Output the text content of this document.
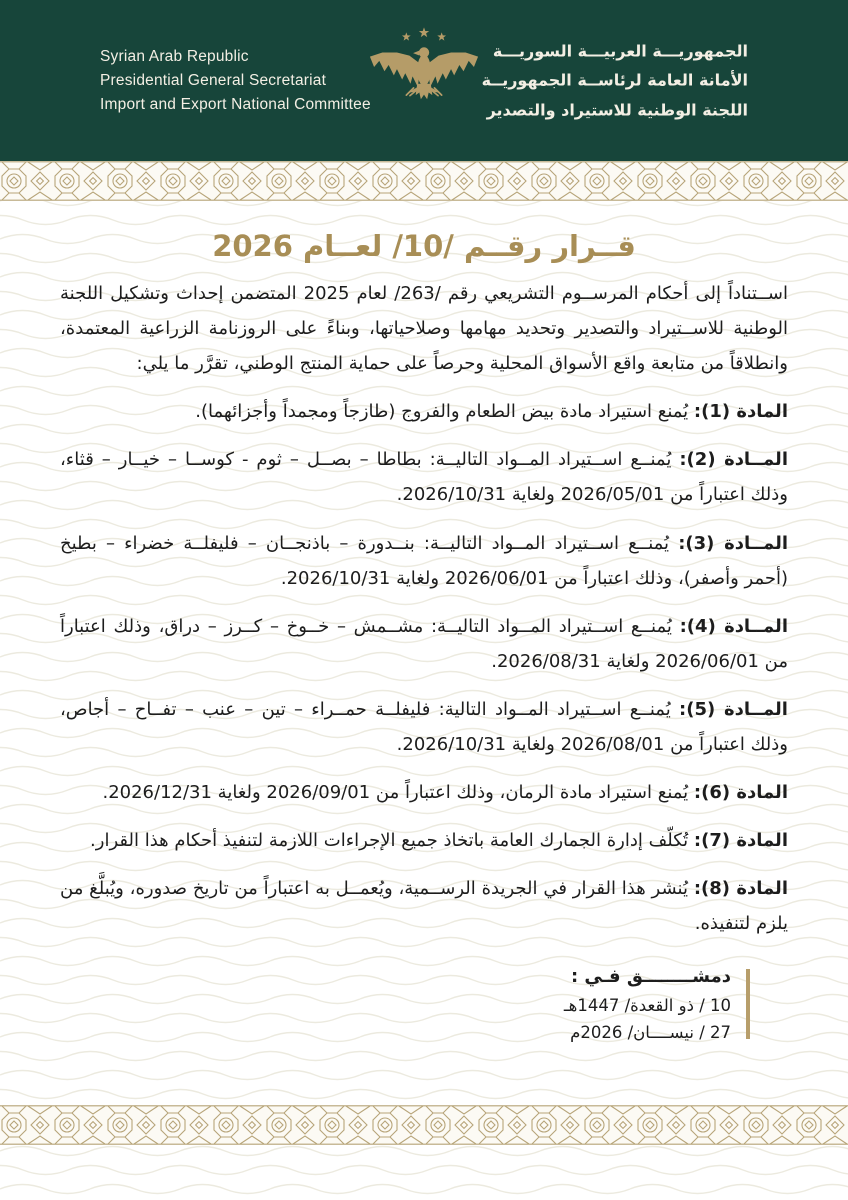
Syrian Arab Republic
Presidential General Secretariat
Import and Export National Committee
الجمهوريـــة العربيـــة السوريـــة
الأمانة العامة لرئاســة الجمهوريــة
اللجنة الوطنية للاستيراد والتصدير
قــرار رقــم /10/ لعــام 2026

اســتناداً إلى أحكام المرســوم التشريعي رقم /263/ لعام 2025 المتضمن إحداث وتشكيل اللجنة الوطنية للاســتيراد والتصدير وتحديد مهامها وصلاحياتها، وبناءً على الروزنامة الزراعية المعتمدة، وانطلاقاً من متابعة واقع الأسواق المحلية وحرصاً على حماية المنتج الوطني، تقرَّر ما يلي:

المادة (1): يُمنع استيراد مادة بيض الطعام والفروج (طازجاً ومجمداً وأجزائهما).

المــادة (2): يُمنــع اســتيراد المــواد التاليــة: بطاطا – بصــل – ثوم - كوســا – خيــار – قثاء، وذلك اعتباراً من 2026/05/01 ولغاية 2026/10/31.

المــادة (3): يُمنــع اســتيراد المــواد التاليــة: بنــدورة – باذنجــان – فليفلــة خضراء – بطيخ (أحمر وأصفر)، وذلك اعتباراً من 2026/06/01 ولغاية 2026/10/31.

المــادة (4): يُمنــع اســتيراد المــواد التاليــة: مشــمش – خــوخ – كــرز – دراق، وذلك اعتباراً من 2026/06/01 ولغاية 2026/08/31.

المــادة (5): يُمنــع اســتيراد المــواد التالية: فليفلــة حمــراء – تين – عنب – تفــاح – أجاص، وذلك اعتباراً من 2026/08/01 ولغاية 2026/10/31.

المادة (6): يُمنع استيراد مادة الرمان، وذلك اعتباراً من 2026/09/01 ولغاية 2026/12/31.

المادة (7): تُكلّف إدارة الجمارك العامة باتخاذ جميع الإجراءات اللازمة لتنفيذ أحكام هذا القرار.

المادة (8): يُنشر هذا القرار في الجريدة الرســمية، ويُعمــل به اعتباراً من تاريخ صدوره، ويُبلَّغ من يلزم لتنفيذه.

دمشــــــــق فـي :
10 / ذو القعدة/ 1447هـ
27 / نيســــان/ 2026م
